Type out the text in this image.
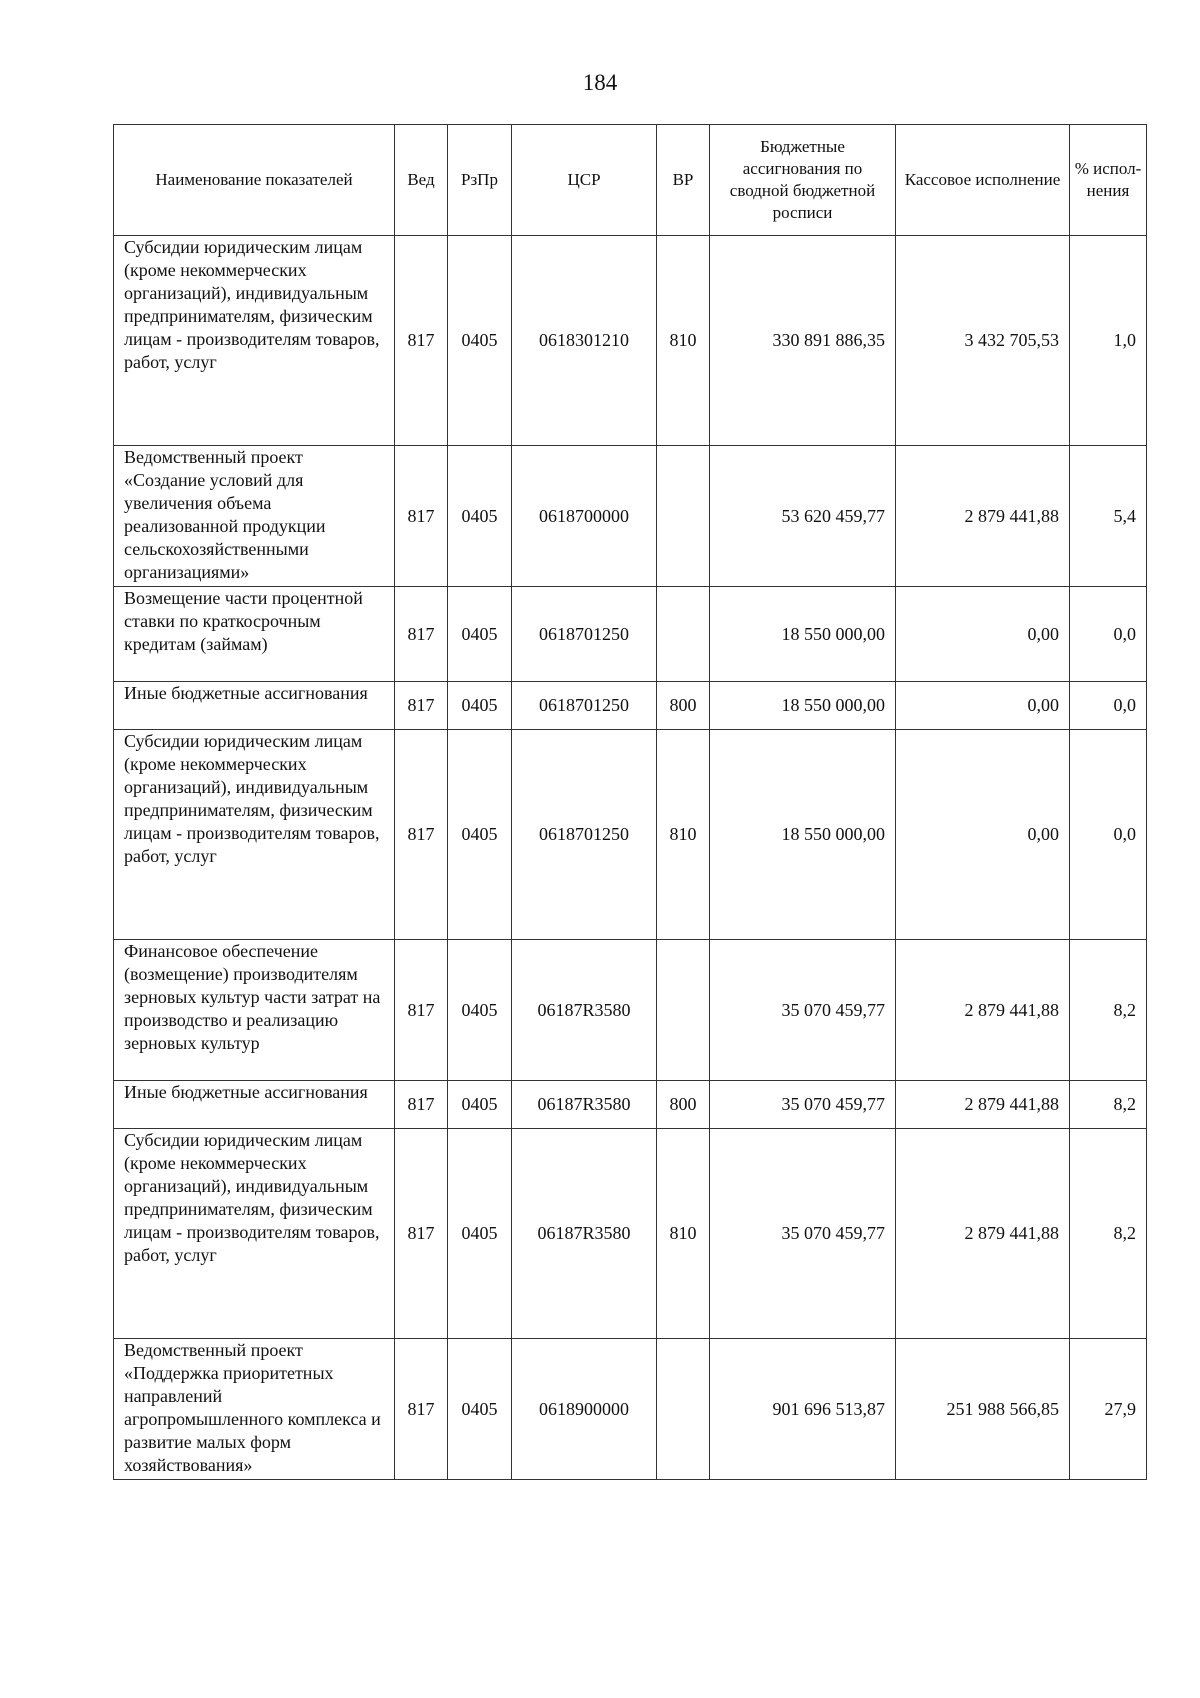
184
Наименование показателей	Вед	РзПр	ЦСР	ВР	Бюджетные ассигнования по сводной бюджетной росписи	Кассовое исполнение	% испол-нения
Субсидии юридическим лицам (кроме некоммерческих организаций), индивидуальным предпринимателям, физическим лицам - производителям товаров, работ, услуг	817	0405	0618301210	810	330 891 886,35	3 432 705,53	1,0
Ведомственный проект «Создание условий для увеличения объема реализованной продукции сельскохозяйственными организациями»	817	0405	0618700000		53 620 459,77	2 879 441,88	5,4
Возмещение части процентной ставки по краткосрочным кредитам (займам)	817	0405	0618701250		18 550 000,00	0,00	0,0
Иные бюджетные ассигнования	817	0405	0618701250	800	18 550 000,00	0,00	0,0
Субсидии юридическим лицам (кроме некоммерческих организаций), индивидуальным предпринимателям, физическим лицам - производителям товаров, работ, услуг	817	0405	0618701250	810	18 550 000,00	0,00	0,0
Финансовое обеспечение (возмещение) производителям зерновых культур части затрат на производство и реализацию зерновых культур	817	0405	06187R3580		35 070 459,77	2 879 441,88	8,2
Иные бюджетные ассигнования	817	0405	06187R3580	800	35 070 459,77	2 879 441,88	8,2
Субсидии юридическим лицам (кроме некоммерческих организаций), индивидуальным предпринимателям, физическим лицам - производителям товаров, работ, услуг	817	0405	06187R3580	810	35 070 459,77	2 879 441,88	8,2
Ведомственный проект «Поддержка приоритетных направлений агропромышленного комплекса и развитие малых форм хозяйствования»	817	0405	0618900000		901 696 513,87	251 988 566,85	27,9
